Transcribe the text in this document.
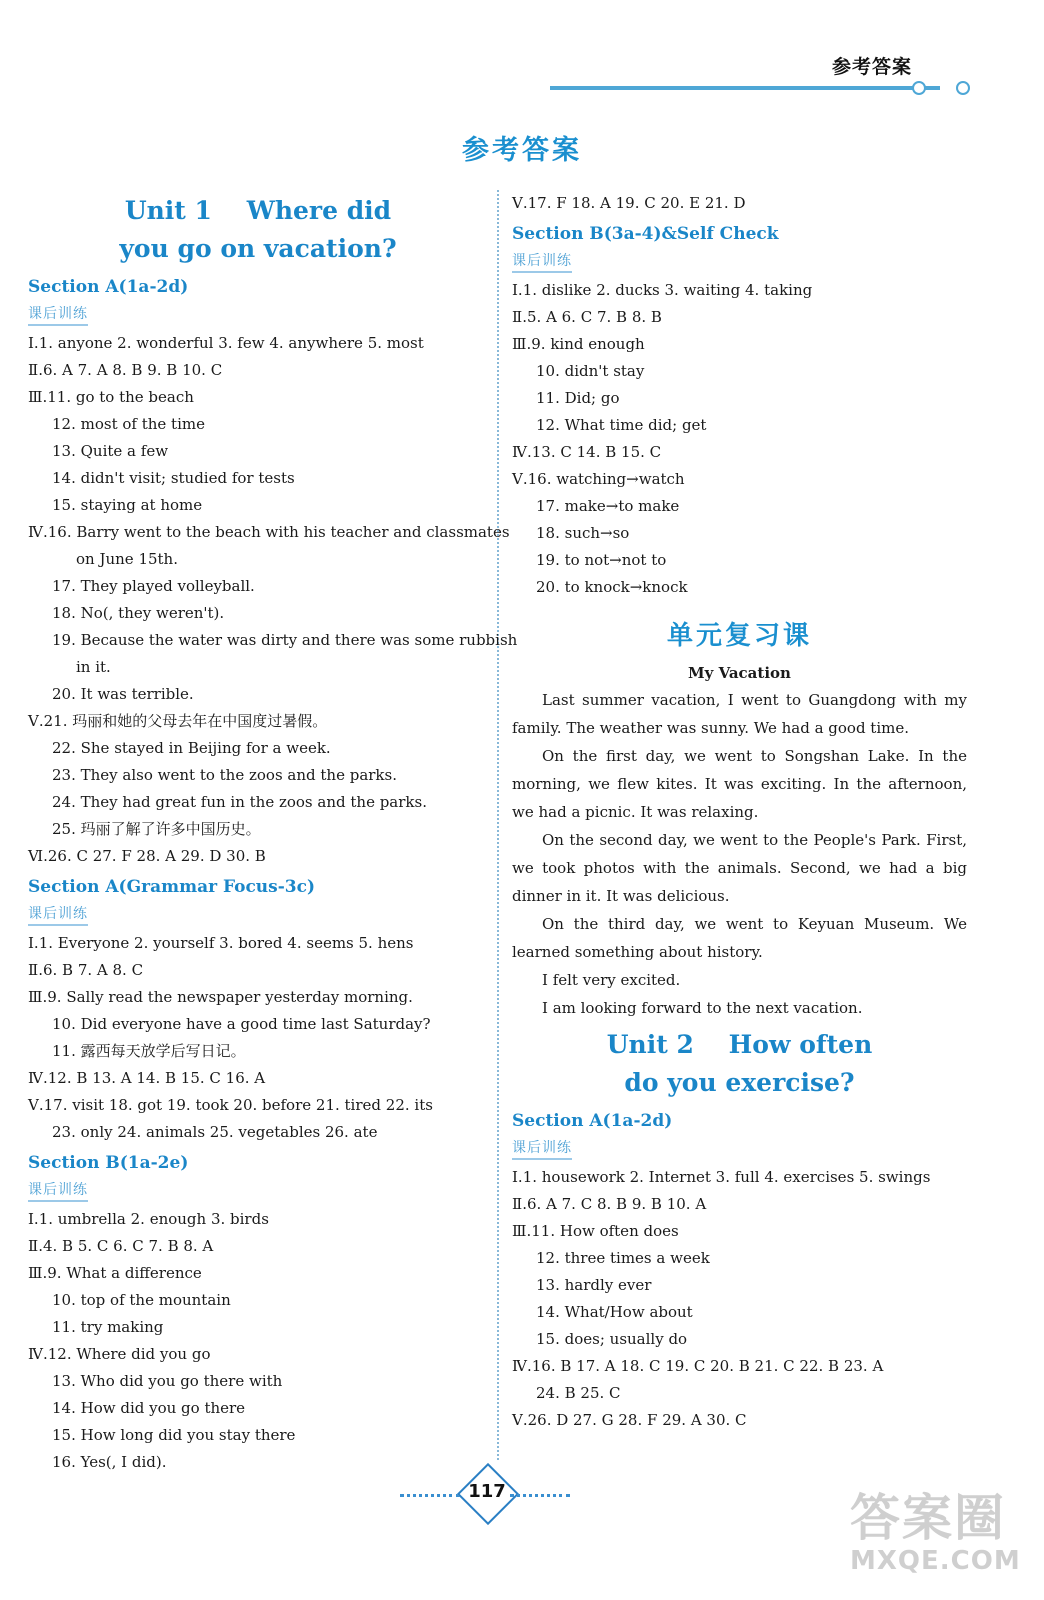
参考答案
参考答案
Unit 1    Where did
you go on vacation?
Section A(1a-2d)
课后训练
Ⅰ.1. anyone 2. wonderful 3. few 4. anywhere 5. most
Ⅱ.6. A 7. A 8. B 9. B 10. C
Ⅲ.11. go to the beach
12. most of the time
13. Quite a few
14. didn't visit; studied for tests
15. staying at home
Ⅳ.16. Barry went to the beach with his teacher and classmates
on June 15th.
17. They played volleyball.
18. No(, they weren't).
19. Because the water was dirty and there was some rubbish
in it.
20. It was terrible.
Ⅴ.21. 玛丽和她的父母去年在中国度过暑假。
22. She stayed in Beijing for a week.
23. They also went to the zoos and the parks.
24. They had great fun in the zoos and the parks.
25. 玛丽了解了许多中国历史。
Ⅵ.26. C 27. F 28. A 29. D 30. B
Section A(Grammar Focus-3c)
课后训练
Ⅰ.1. Everyone 2. yourself 3. bored 4. seems 5. hens
Ⅱ.6. B 7. A 8. C
Ⅲ.9. Sally read the newspaper yesterday morning.
10. Did everyone have a good time last Saturday?
11. 露西每天放学后写日记。
Ⅳ.12. B 13. A 14. B 15. C 16. A
Ⅴ.17. visit 18. got 19. took 20. before 21. tired 22. its
23. only 24. animals 25. vegetables 26. ate
Section B(1a-2e)
课后训练
Ⅰ.1. umbrella 2. enough 3. birds
Ⅱ.4. B 5. C 6. C 7. B 8. A
Ⅲ.9. What a difference
10. top of the mountain
11. try making
Ⅳ.12. Where did you go
13. Who did you go there with
14. How did you go there
15. How long did you stay there
16. Yes(, I did).
Ⅴ.17. F 18. A 19. C 20. E 21. D
Section B(3a-4)&Self Check
课后训练
Ⅰ.1. dislike 2. ducks 3. waiting 4. taking
Ⅱ.5. A 6. C 7. B 8. B
Ⅲ.9. kind enough
10. didn't stay
11. Did; go
12. What time did; get
Ⅳ.13. C 14. B 15. C
Ⅴ.16. watching→watch
17. make→to make
18. such→so
19. to not→not to
20. to knock→knock
单元复习课
My Vacation
Last summer vacation, I went to Guangdong with my family. The weather was sunny. We had a good time.
On the first day, we went to Songshan Lake. In the morning, we flew kites. It was exciting. In the afternoon, we had a picnic. It was relaxing.
On the second day, we went to the People's Park. First, we took photos with the animals. Second, we had a big dinner in it. It was delicious.
On the third day, we went to Keyuan Museum. We learned something about history.
I felt very excited.
I am looking forward to the next vacation.
Unit 2    How often
do you exercise?
Section A(1a-2d)
课后训练
Ⅰ.1. housework 2. Internet 3. full 4. exercises 5. swings
Ⅱ.6. A 7. C 8. B 9. B 10. A
Ⅲ.11. How often does
12. three times a week
13. hardly ever
14. What/How about
15. does; usually do
Ⅳ.16. B 17. A 18. C 19. C 20. B 21. C 22. B 23. A
24. B 25. C
Ⅴ.26. D 27. G 28. F 29. A 30. C
117	答案圈
MXQE.COM
